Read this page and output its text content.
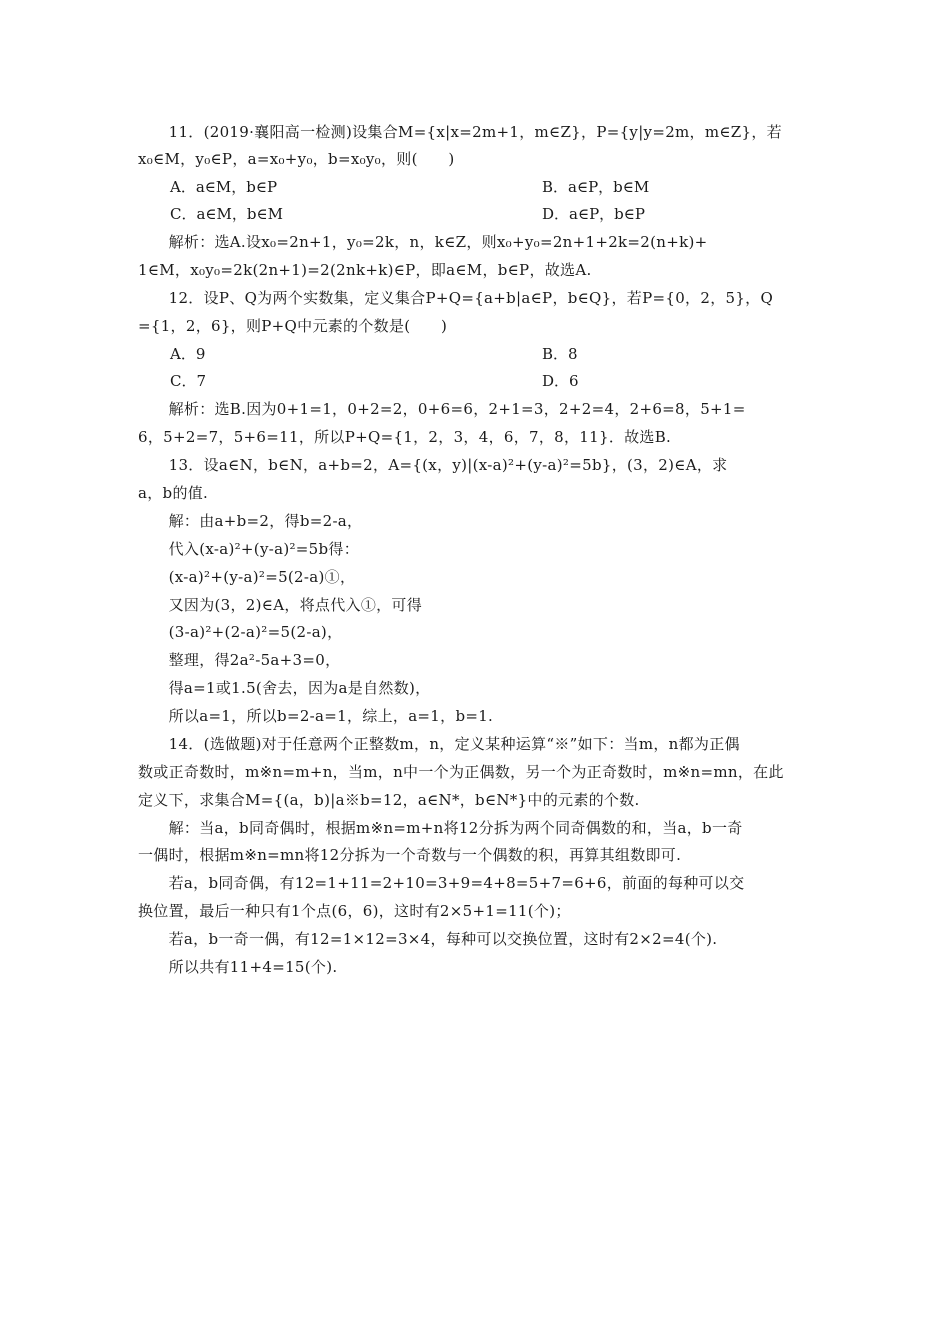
　　11．(2019·襄阳高一检测)设集合M={x|x=2m+1，m∈Z}，P={y|y=2m，m∈Z}，若
x₀∈M，y₀∈P，a=x₀+y₀，b=x₀y₀，则(　　)
A．a∈M，b∈P	B．a∈P，b∈M
C．a∈M，b∈M	D．a∈P，b∈P
　　解析：选A.设x₀=2n+1，y₀=2k，n，k∈Z，则x₀+y₀=2n+1+2k=2(n+k)+
1∈M，x₀y₀=2k(2n+1)=2(2nk+k)∈P，即a∈M，b∈P，故选A.
　　12．设P、Q为两个实数集，定义集合P+Q={a+b|a∈P，b∈Q}，若P={0，2，5}，Q
={1，2，6}，则P+Q中元素的个数是(　　)
A．9	B．8
C．7	D．6
　　解析：选B.因为0+1=1，0+2=2，0+6=6，2+1=3，2+2=4，2+6=8，5+1=
6，5+2=7，5+6=11，所以P+Q={1，2，3，4，6，7，8，11}．故选B.
　　13．设a∈N，b∈N，a+b=2，A={(x，y)|(x-a)²+(y-a)²=5b}，(3，2)∈A，求
a，b的值.
　　解：由a+b=2，得b=2-a，
　　代入(x-a)²+(y-a)²=5b得：
　　(x-a)²+(y-a)²=5(2-a)①，
　　又因为(3，2)∈A，将点代入①，可得
　　(3-a)²+(2-a)²=5(2-a)，
　　整理，得2a²-5a+3=0，
　　得a=1或1.5(舍去，因为a是自然数)，
　　所以a=1，所以b=2-a=1，综上，a=1，b=1.
　　14．(选做题)对于任意两个正整数m，n，定义某种运算“※”如下：当m，n都为正偶
数或正奇数时，m※n=m+n，当m，n中一个为正偶数，另一个为正奇数时，m※n=mn，在此
定义下，求集合M={(a，b)|a※b=12，a∈N*，b∈N*}中的元素的个数.
　　解：当a，b同奇偶时，根据m※n=m+n将12分拆为两个同奇偶数的和，当a，b一奇
一偶时，根据m※n=mn将12分拆为一个奇数与一个偶数的积，再算其组数即可.
　　若a，b同奇偶，有12=1+11=2+10=3+9=4+8=5+7=6+6，前面的每种可以交
换位置，最后一种只有1个点(6，6)，这时有2×5+1=11(个)；
　　若a，b一奇一偶，有12=1×12=3×4，每种可以交换位置，这时有2×2=4(个).
　　所以共有11+4=15(个).
